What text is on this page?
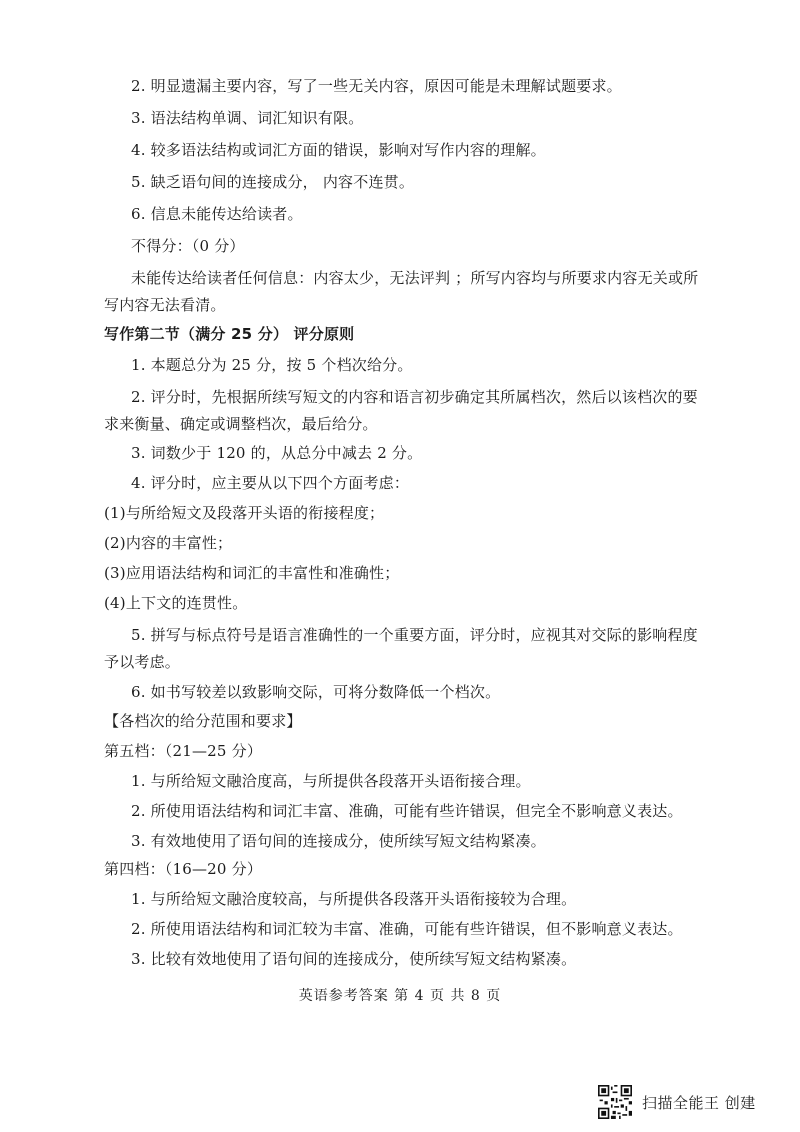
2. 明显遗漏主要内容，写了一些无关内容，原因可能是未理解试题要求。
3. 语法结构单调、词汇知识有限。
4. 较多语法结构或词汇方面的错误，影响对写作内容的理解。
5. 缺乏语句间的连接成分， 内容不连贯。
6. 信息未能传达给读者。
不得分：（0 分）
未能传达给读者任何信息：内容太少，无法评判 ；所写内容均与所要求内容无关或所
写内容无法看清。
写作第二节（满分 25 分） 评分原则
1. 本题总分为 25 分，按 5 个档次给分。
2. 评分时，先根据所续写短文的内容和语言初步确定其所属档次，然后以该档次的要
求来衡量、确定或调整档次，最后给分。
3. 词数少于 120 的，从总分中减去 2 分。
4. 评分时，应主要从以下四个方面考虑：
(1)与所给短文及段落开头语的衔接程度；
(2)内容的丰富性；
(3)应用语法结构和词汇的丰富性和准确性；
(4)上下文的连贯性。
5. 拼写与标点符号是语言准确性的一个重要方面，评分时，应视其对交际的影响程度
予以考虑。
6. 如书写较差以致影响交际，可将分数降低一个档次。
【各档次的给分范围和要求】
第五档：（21—25 分）
1. 与所给短文融洽度高，与所提供各段落开头语衔接合理。
2. 所使用语法结构和词汇丰富、准确，可能有些许错误，但完全不影响意义表达。
3. 有效地使用了语句间的连接成分，使所续写短文结构紧凑。
第四档：（16—20 分）
1. 与所给短文融洽度较高，与所提供各段落开头语衔接较为合理。
2. 所使用语法结构和词汇较为丰富、准确，可能有些许错误，但不影响意义表达。
3. 比较有效地使用了语句间的连接成分，使所续写短文结构紧凑。
英语参考答案 第 4 页 共 8 页
扫描全能王 创建
